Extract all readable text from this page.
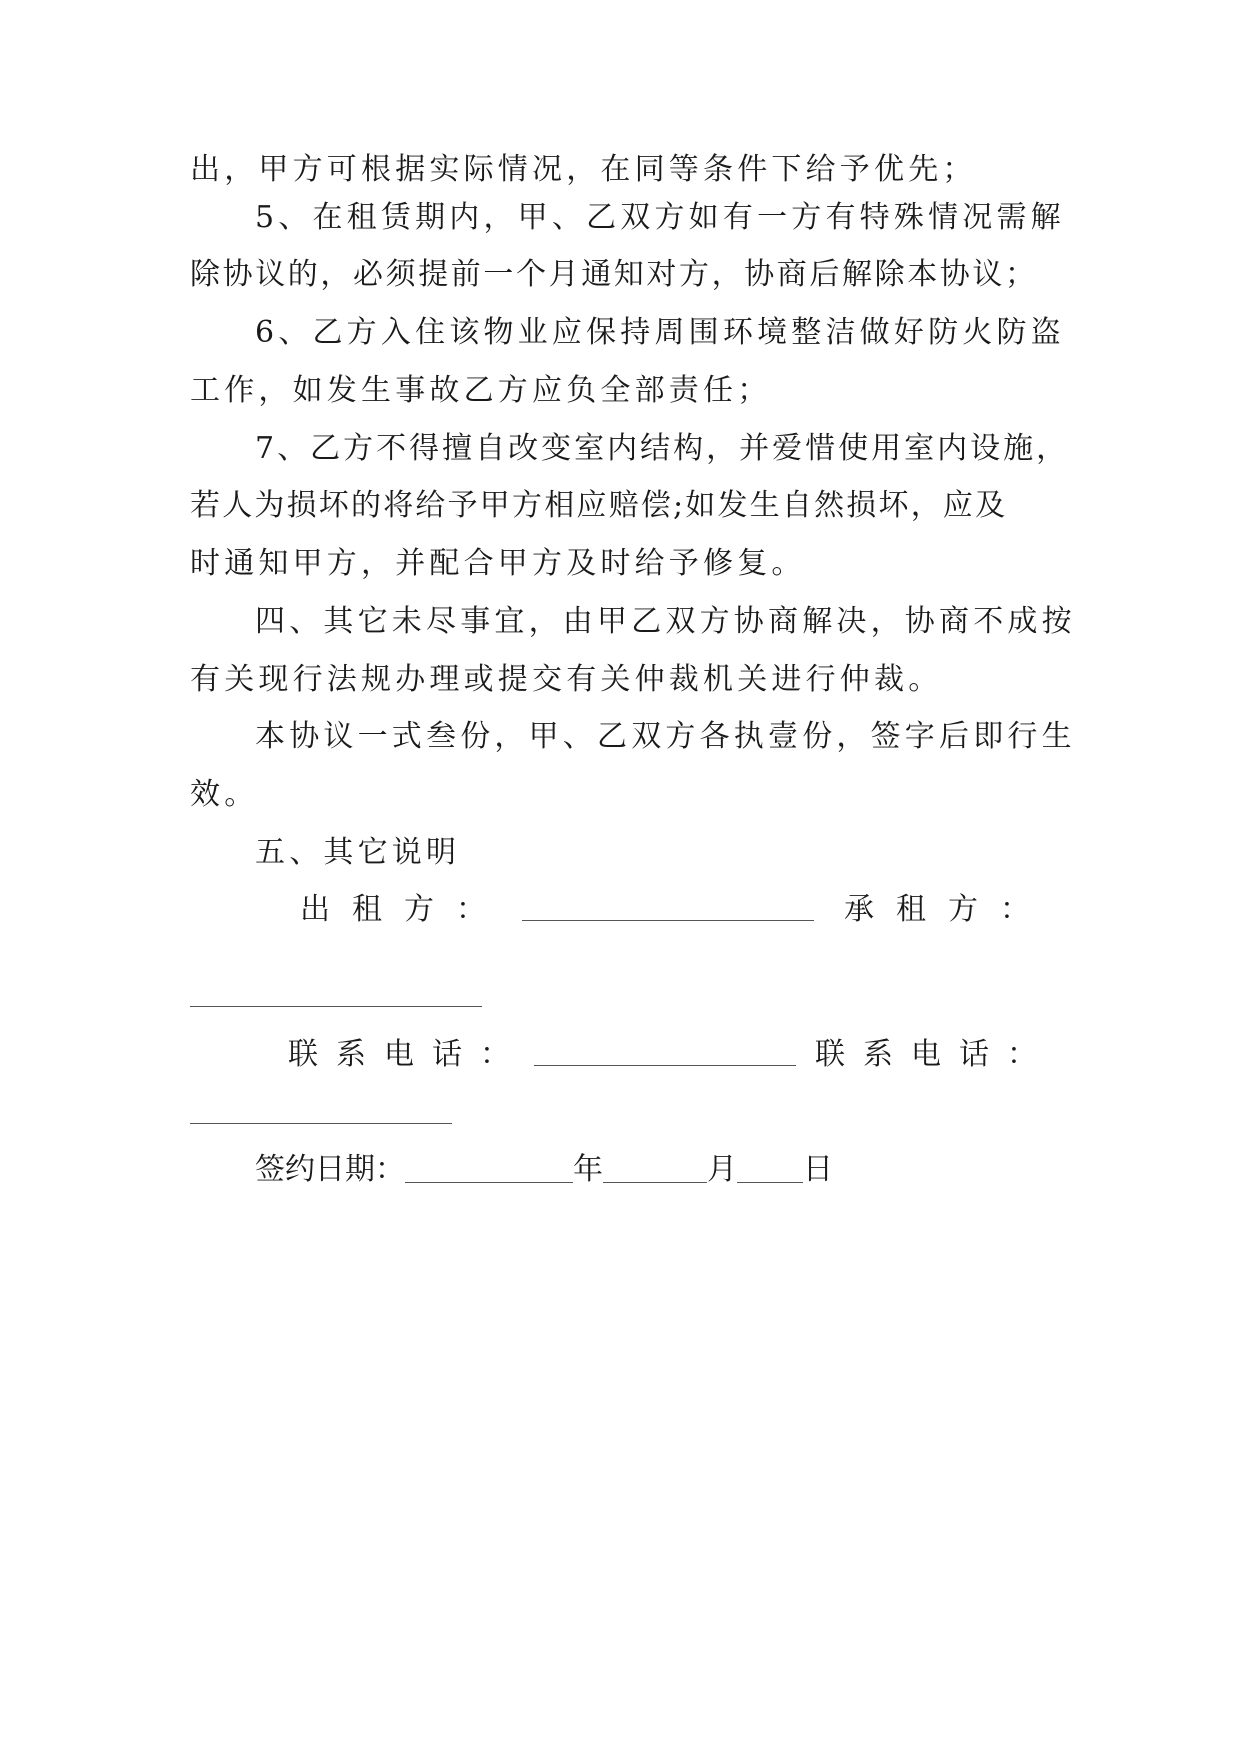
出，甲方可根据实际情况，在同等条件下给予优先；
5、在租赁期内，甲、乙双方如有一方有特殊情况需解
除协议的，必须提前一个月通知对方，协商后解除本协议；
6、乙方入住该物业应保持周围环境整洁做好防火防盗
工作，如发生事故乙方应负全部责任；
7、乙方不得擅自改变室内结构，并爱惜使用室内设施，
若人为损坏的将给予甲方相应赔偿;如发生自然损坏，应及
时通知甲方，并配合甲方及时给予修复。
四、其它未尽事宜，由甲乙双方协商解决，协商不成按
有关现行法规办理或提交有关仲裁机关进行仲裁。
本协议一式叁份，甲、乙双方各执壹份，签字后即行生
效。
五、其它说明
出租方：	承租方：
联系电话：	联系电话：
签约日期：	年	月 日
